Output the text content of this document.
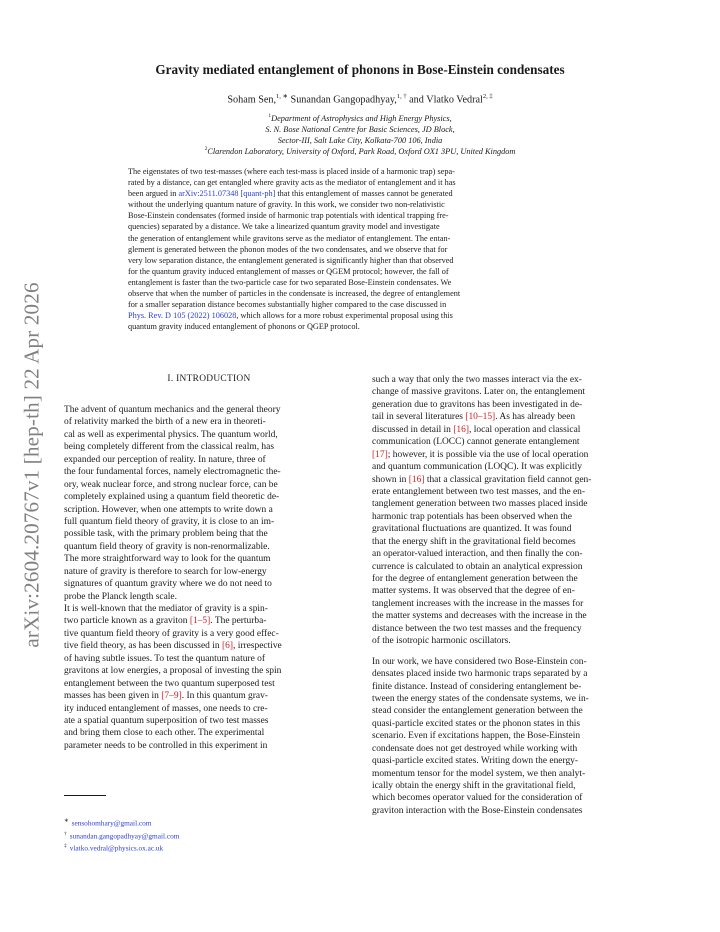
arXiv:2604.20767v1 [hep-th] 22 Apr 2026
Gravity mediated entanglement of phonons in Bose-Einstein condensates
Soham Sen,$^{1, ∗}$ Sunandan Gangopadhyay,$^{1, \dagger}$ and Vlatko Vedral$^{2, \ddagger}$
$^1$Department of Astrophysics and High Energy Physics,
S. N. Bose National Centre for Basic Sciences, JD Block,
Sector-III, Salt Lake City, Kolkata-700 106, India
$^2$Clarendon Laboratory, University of Oxford, Park Road, Oxford OX1 3PU, United Kingdom
The eigenstates of two test-masses (where each test-mass is placed inside of a harmonic trap) sepa-
rated by a distance, can get entangled where gravity acts as the mediator of entanglement and it has
been argued in arXiv:2511.07348 [quant-ph] that this entanglement of masses cannot be generated
without the underlying quantum nature of gravity. In this work, we consider two non-relativistic
Bose-Einstein condensates (formed inside of harmonic trap potentials with identical trapping fre-
quencies) separated by a distance. We take a linearized quantum gravity model and investigate
the generation of entanglement while gravitons serve as the mediator of entanglement. The entan-
glement is generated between the phonon modes of the two condensates, and we observe that for
very low separation distance, the entanglement generated is significantly higher than that observed
for the quantum gravity induced entanglement of masses or QGEM protocol; however, the fall of
entanglement is faster than the two-particle case for two separated Bose-Einstein condensates. We
observe that when the number of particles in the condensate is increased, the degree of entanglement
for a smaller separation distance becomes substantially higher compared to the case discussed in
Phys. Rev. D 105 (2022) 106028, which allows for a more robust experimental proposal using this
quantum gravity induced entanglement of phonons or QGEP protocol.
I. INTRODUCTION
The advent of quantum mechanics and the general theory
of relativity marked the birth of a new era in theoreti-
cal as well as experimental physics. The quantum world,
being completely different from the classical realm, has
expanded our perception of reality. In nature, three of
the four fundamental forces, namely electromagnetic the-
ory, weak nuclear force, and strong nuclear force, can be
completely explained using a quantum field theoretic de-
scription. However, when one attempts to write down a
full quantum field theory of gravity, it is close to an im-
possible task, with the primary problem being that the
quantum field theory of gravity is non-renormalizable.
The more straightforward way to look for the quantum
nature of gravity is therefore to search for low-energy
signatures of quantum gravity where we do not need to
probe the Planck length scale.
It is well-known that the mediator of gravity is a spin-
two particle known as a graviton [1–5]. The perturba-
tive quantum field theory of gravity is a very good effec-
tive field theory, as has been discussed in [6], irrespective
of having subtle issues. To test the quantum nature of
gravitons at low energies, a proposal of investing the spin
entanglement between the two quantum superposed test
masses has been given in [7–9]. In this quantum grav-
ity induced entanglement of masses, one needs to cre-
ate a spatial quantum superposition of two test masses
and bring them close to each other. The experimental
parameter needs to be controlled in this experiment in
such a way that only the two masses interact via the ex-
change of massive gravitons. Later on, the entanglement
generation due to gravitons has been investigated in de-
tail in several literatures [10–15]. As has already been
discussed in detail in [16], local operation and classical
communication (LOCC) cannot generate entanglement
[17]; however, it is possible via the use of local operation
and quantum communication (LOQC). It was explicitly
shown in [16] that a classical gravitation field cannot gen-
erate entanglement between two test masses, and the en-
tanglement generation between two masses placed inside
harmonic trap potentials has been observed when the
gravitational fluctuations are quantized. It was found
that the energy shift in the gravitational field becomes
an operator-valued interaction, and then finally the con-
currence is calculated to obtain an analytical expression
for the degree of entanglement generation between the
matter systems. It was observed that the degree of en-
tanglement increases with the increase in the masses for
the matter systems and decreases with the increase in the
distance between the two test masses and the frequency
of the isotropic harmonic oscillators.
In our work, we have considered two Bose-Einstein con-
densates placed inside two harmonic traps separated by a
finite distance. Instead of considering entanglement be-
tween the energy states of the condensate systems, we in-
stead consider the entanglement generation between the
quasi-particle excited states or the phonon states in this
scenario. Even if excitations happen, the Bose-Einstein
condensate does not get destroyed while working with
quasi-particle excited states. Writing down the energy-
momentum tensor for the model system, we then analyt-
ically obtain the energy shift in the gravitational field,
which becomes operator valued for the consideration of
graviton interaction with the Bose-Einstein condensates
∗ sensohomhary@gmail.com
† sunandan.gangopadhyay@gmail.com
‡ vlatko.vedral@physics.ox.ac.uk
